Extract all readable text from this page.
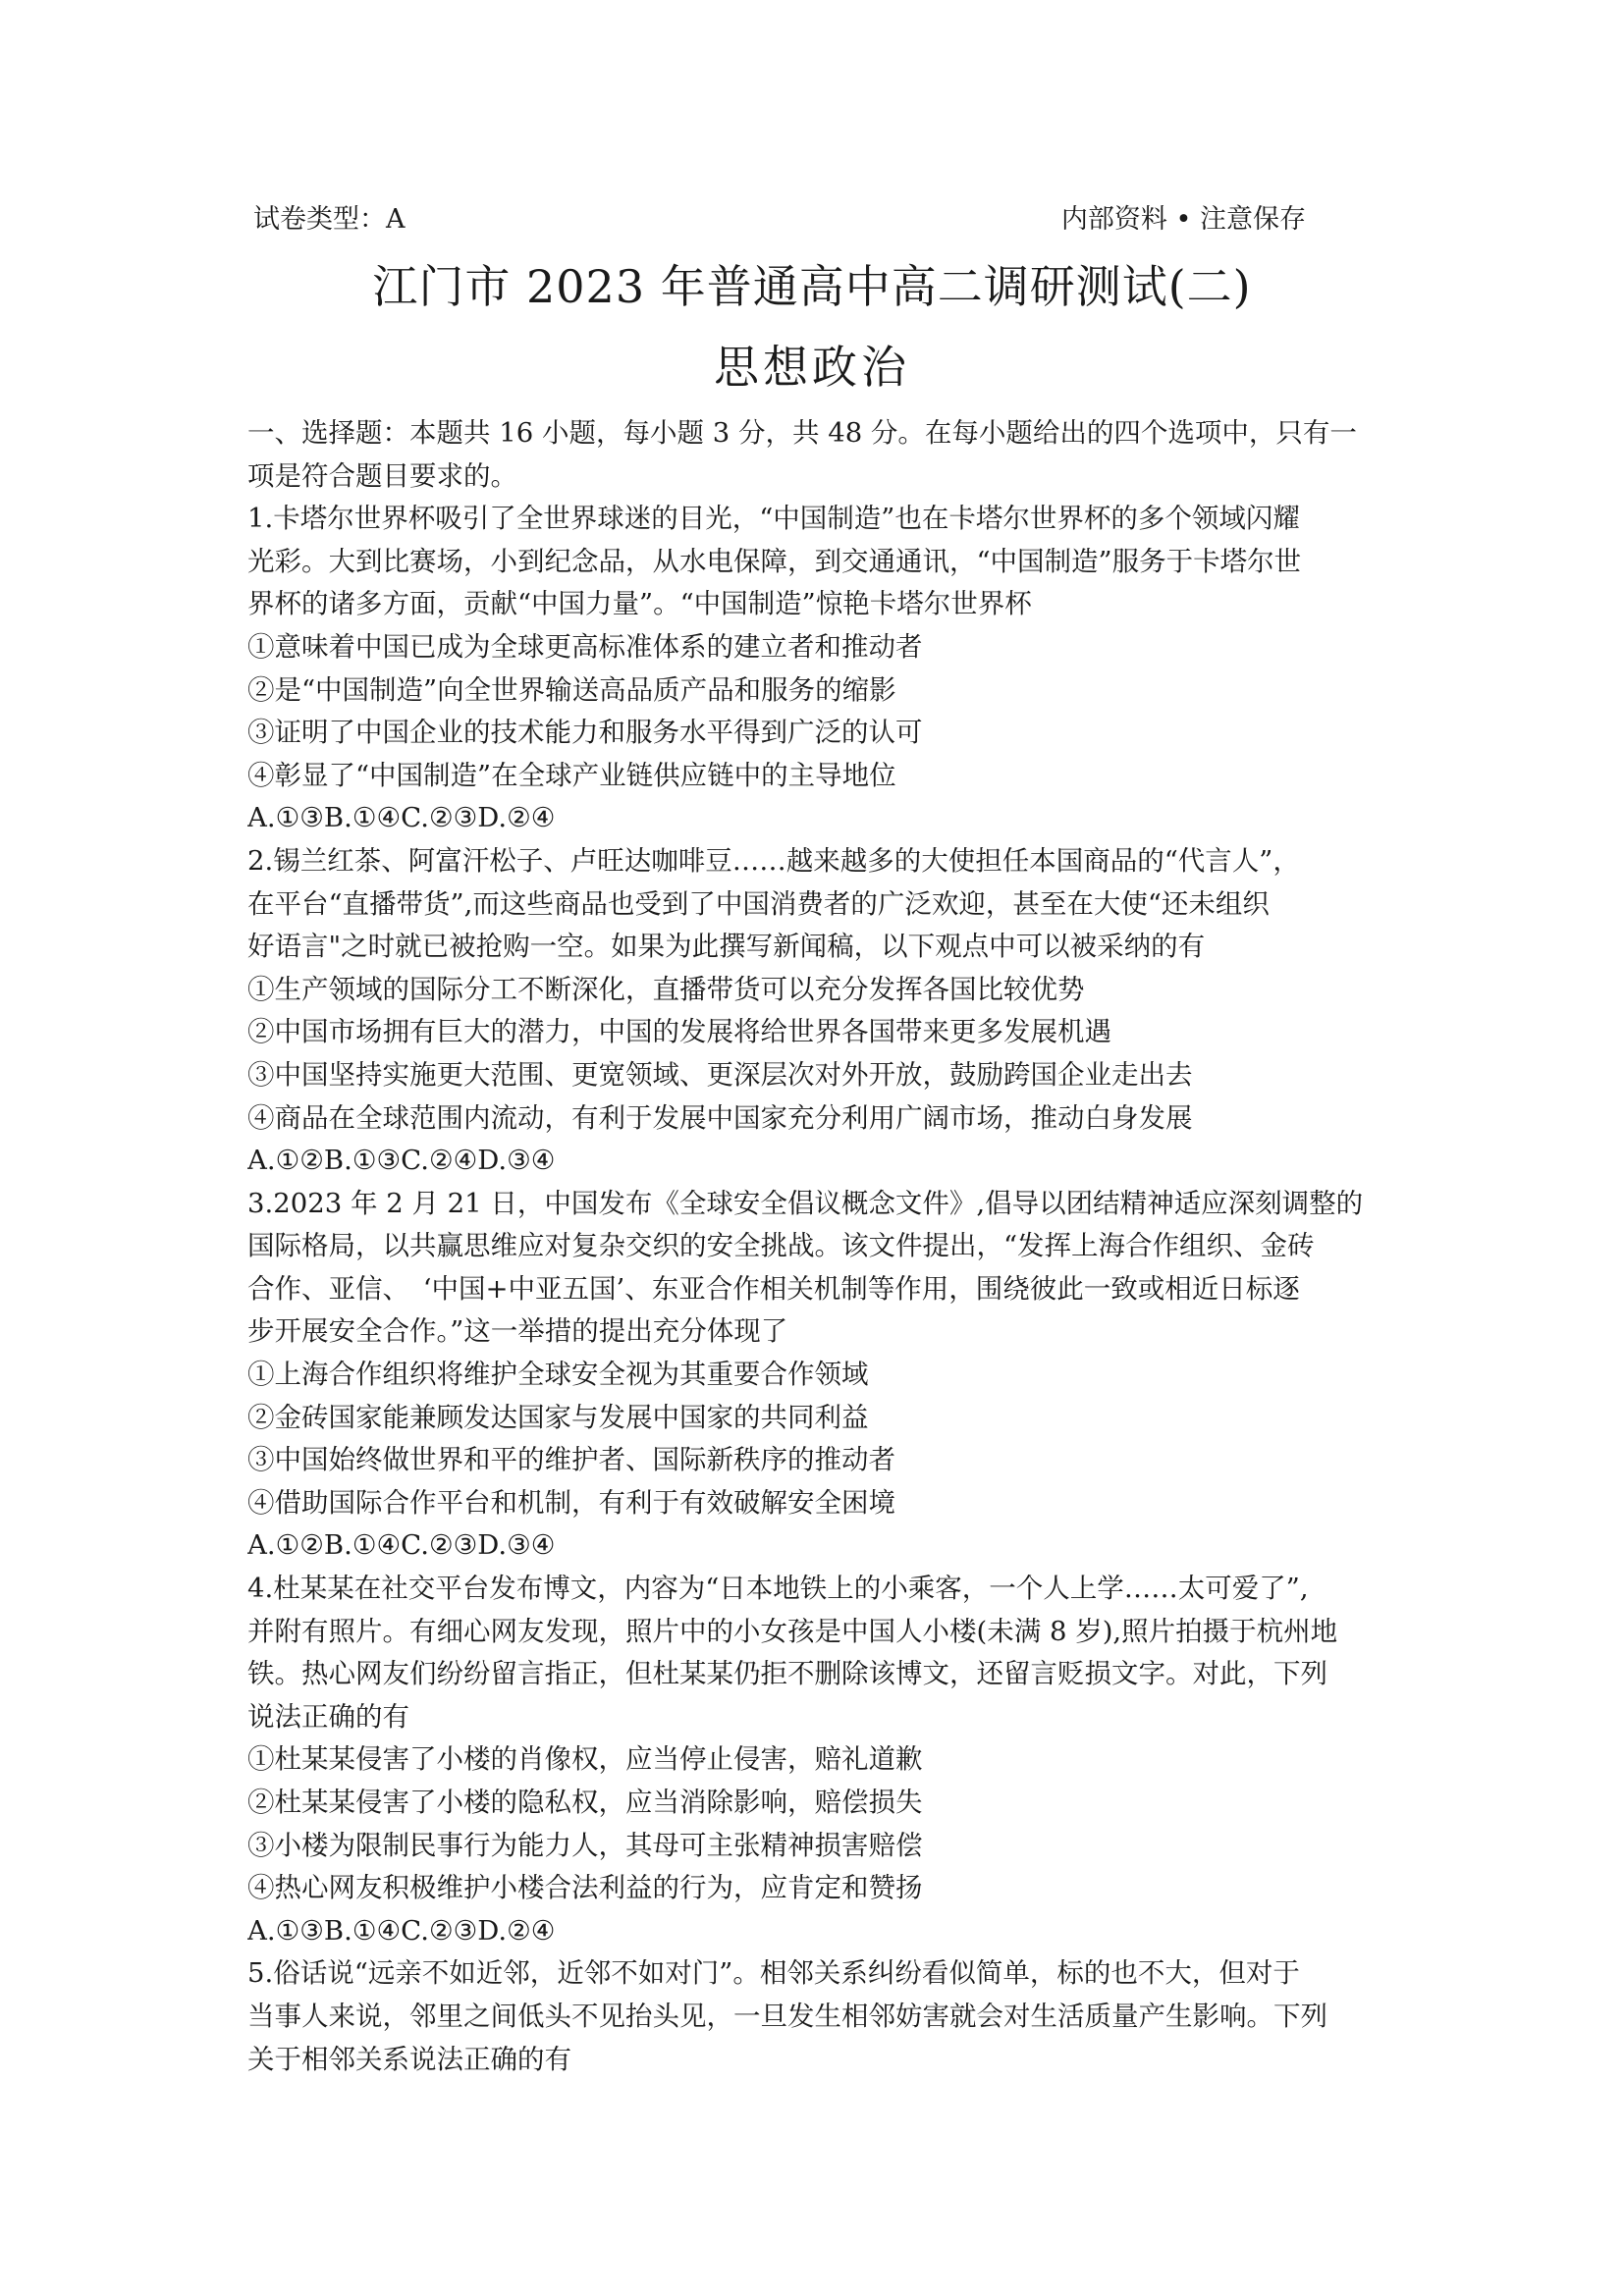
试卷类型：A	内部资料 • 注意保存
江门市 2023 年普通高中高二调研测试(二)
思想政治
一、选择题：本题共 16 小题，每小题 3 分，共 48 分。在每小题给出的四个选项中，只有一
项是符合题目要求的。
1.卡塔尔世界杯吸引了全世界球迷的目光，“中国制造”也在卡塔尔世界杯的多个领域闪耀
光彩。大到比赛场，小到纪念品，从水电保障，到交通通讯，“中国制造”服务于卡塔尔世
界杯的诸多方面，贡献“中国力量”。“中国制造”惊艳卡塔尔世界杯
①意味着中国已成为全球更高标准体系的建立者和推动者
②是“中国制造”向全世界输送高品质产品和服务的缩影
③证明了中国企业的技术能力和服务水平得到广泛的认可
④彰显了“中国制造”在全球产业链供应链中的主导地位
A.①③B.①④C.②③D.②④
2.锡兰红茶、阿富汗松子、卢旺达咖啡豆……越来越多的大使担任本国商品的“代言人”，
在平台“直播带货”,而这些商品也受到了中国消费者的广泛欢迎，甚至在大使“还未组织
好语言"之时就已被抢购一空。如果为此撰写新闻稿，以下观点中可以被采纳的有
①生产领域的国际分工不断深化，直播带货可以充分发挥各国比较优势
②中国市场拥有巨大的潜力，中国的发展将给世界各国带来更多发展机遇
③中国坚持实施更大范围、更宽领域、更深层次对外开放，鼓励跨国企业走出去
④商品在全球范围内流动，有利于发展中国家充分利用广阔市场，推动白身发展
A.①②B.①③C.②④D.③④
3.2023 年 2 月 21 日，中国发布《全球安全倡议概念文件》,倡导以团结精神适应深刻调整的
国际格局，以共赢思维应对复杂交织的安全挑战。该文件提出，“发挥上海合作组织、金砖
合作、亚信、　‘中国+中亚五国’、东亚合作相关机制等作用，围绕彼此一致或相近日标逐
步开展安全合作。”这一举措的提出充分体现了
①上海合作组织将维护全球安全视为其重要合作领域
②金砖国家能兼顾发达国家与发展中国家的共同利益
③中国始终做世界和平的维护者、国际新秩序的推动者
④借助国际合作平台和机制，有利于有效破解安全困境
A.①②B.①④C.②③D.③④
4.杜某某在社交平台发布博文，内容为“日本地铁上的小乘客，一个人上学……太可爱了”,
并附有照片。有细心网友发现，照片中的小女孩是中国人小楼(未满 8 岁),照片拍摄于杭州地
铁。热心网友们纷纷留言指正，但杜某某仍拒不删除该博文，还留言贬损文字。对此，下列
说法正确的有
①杜某某侵害了小楼的肖像权，应当停止侵害，赔礼道歉
②杜某某侵害了小楼的隐私权，应当消除影响，赔偿损失
③小楼为限制民事行为能力人，其母可主张精神损害赔偿
④热心网友积极维护小楼合法利益的行为，应肯定和赞扬
A.①③B.①④C.②③D.②④
5.俗话说“远亲不如近邻，近邻不如对门”。相邻关系纠纷看似简单，标的也不大，但对于
当事人来说，邻里之间低头不见抬头见，一旦发生相邻妨害就会对生活质量产生影响。下列
关于相邻关系说法正确的有
